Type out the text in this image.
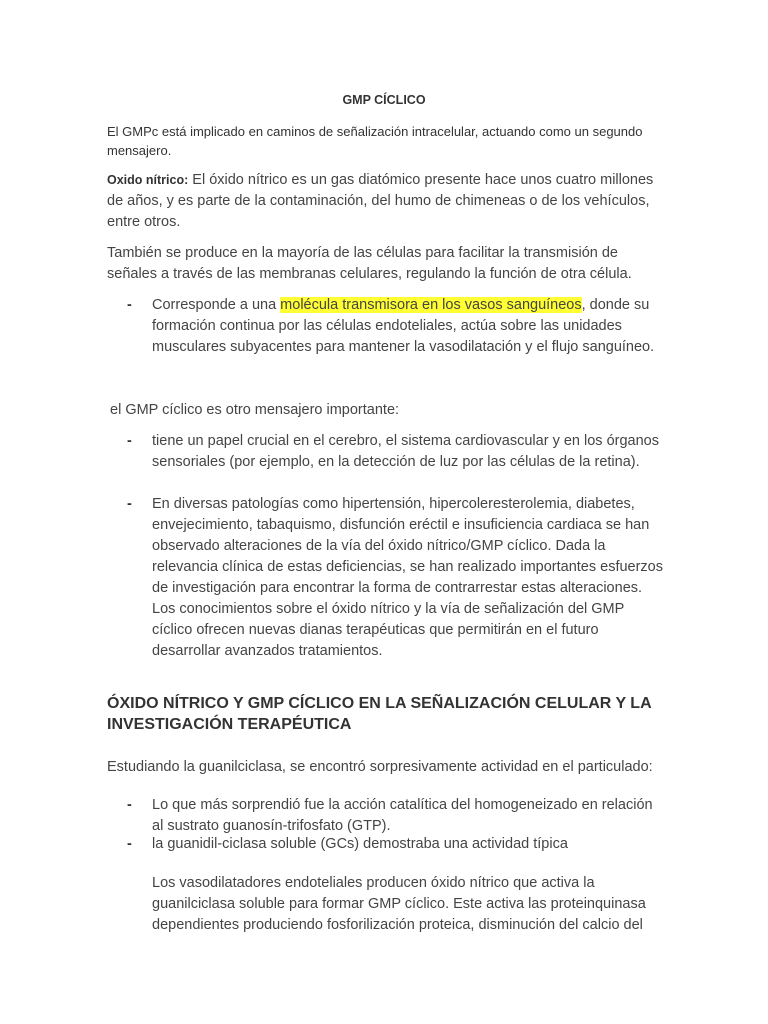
GMP CÍCLICO
El GMPc está implicado en caminos de señalización intracelular, actuando como un segundo mensajero.
Oxido nítrico: El óxido nítrico es un gas diatómico presente hace unos cuatro millones de años, y es parte de la contaminación, del humo de chimeneas o de los vehículos, entre otros.
También se produce en la mayoría de las células para facilitar la transmisión de señales a través de las membranas celulares, regulando la función de otra célula.
- Corresponde a una molécula transmisora en los vasos sanguíneos, donde su formación continua por las células endoteliales, actúa sobre las unidades musculares subyacentes para mantener la vasodilatación y el flujo sanguíneo.
el GMP cíclico es otro mensajero importante:
- tiene un papel crucial en el cerebro, el sistema cardiovascular y en los órganos sensoriales (por ejemplo, en la detección de luz por las células de la retina).
- En diversas patologías como hipertensión, hipercoleresterolemia, diabetes, envejecimiento, tabaquismo, disfunción eréctil e insuficiencia cardiaca se han observado alteraciones de la vía del óxido nítrico/GMP cíclico. Dada la relevancia clínica de estas deficiencias, se han realizado importantes esfuerzos de investigación para encontrar la forma de contrarrestar estas alteraciones. Los conocimientos sobre el óxido nítrico y la vía de señalización del GMP cíclico ofrecen nuevas dianas terapéuticas que permitirán en el futuro desarrollar avanzados tratamientos.
ÓXIDO NÍTRICO Y GMP CÍCLICO EN LA SEÑALIZACIÓN CELULAR Y LA INVESTIGACIÓN TERAPÉUTICA
Estudiando la guanilciclasa, se encontró sorpresivamente actividad en el particulado:
- Lo que más sorprendió fue la acción catalítica del homogeneizado en relación al sustrato guanosín-trifosfato (GTP).
- la guanidil-ciclasa soluble (GCs) demostraba una actividad típica
Los vasodilatadores endoteliales producen óxido nítrico que activa la guanilciclasa soluble para formar GMP cíclico. Este activa las proteinquinasa dependientes produciendo fosforilización proteica, disminución del calcio del
